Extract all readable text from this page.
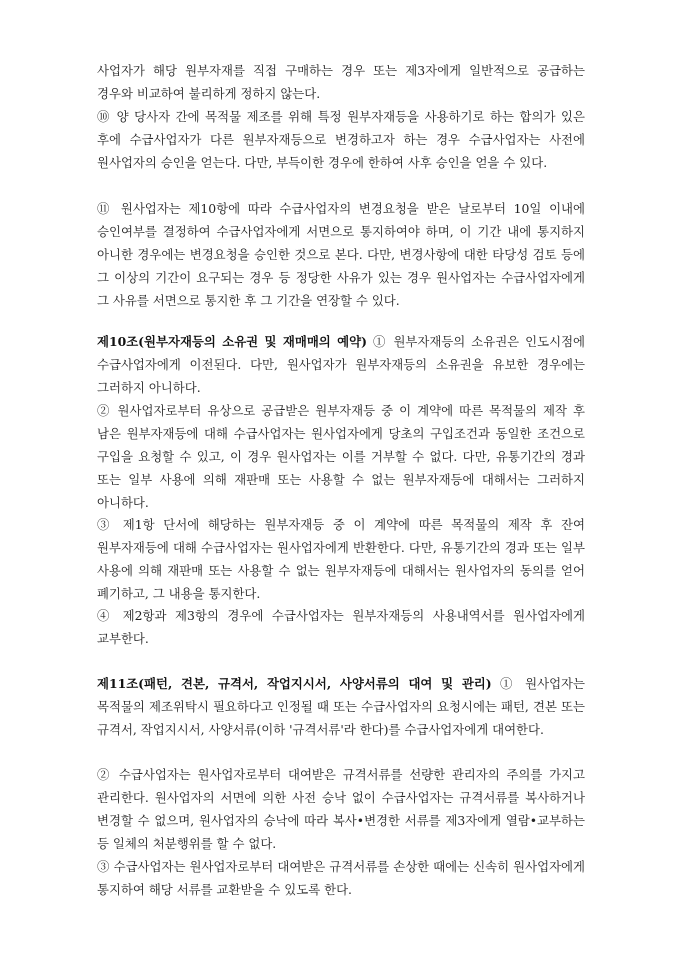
사업자가 해당 원부자재를 직접 구매하는 경우 또는 제3자에게 일반적으로 공급하는 경우와 비교하여 불리하게 정하지 않는다.

⑩ 양 당사자 간에 목적물 제조를 위해 특정 원부자재등을 사용하기로 하는 합의가 있은 후에 수급사업자가 다른 원부자재등으로 변경하고자 하는 경우 수급사업자는 사전에 원사업자의 승인을 얻는다. 다만, 부득이한 경우에 한하여 사후 승인을 얻을 수 있다.

⑪ 원사업자는 제10항에 따라 수급사업자의 변경요청을 받은 날로부터 10일 이내에 승인여부를 결정하여 수급사업자에게 서면으로 통지하여야 하며, 이 기간 내에 통지하지 아니한 경우에는 변경요청을 승인한 것으로 본다. 다만, 변경사항에 대한 타당성 검토 등에 그 이상의 기간이 요구되는 경우 등 정당한 사유가 있는 경우 원사업자는 수급사업자에게 그 사유를 서면으로 통지한 후 그 기간을 연장할 수 있다.

제10조(원부자재등의 소유권 및 재매매의 예약) ① 원부자재등의 소유권은 인도시점에 수급사업자에게 이전된다. 다만, 원사업자가 원부자재등의 소유권을 유보한 경우에는 그러하지 아니하다.

② 원사업자로부터 유상으로 공급받은 원부자재등 중 이 계약에 따른 목적물의 제작 후 남은 원부자재등에 대해 수급사업자는 원사업자에게 당초의 구입조건과 동일한 조건으로 구입을 요청할 수 있고, 이 경우 원사업자는 이를 거부할 수 없다. 다만, 유통기간의 경과 또는 일부 사용에 의해 재판매 또는 사용할 수 없는 원부자재등에 대해서는 그러하지 아니하다.

③ 제1항 단서에 해당하는 원부자재등 중 이 계약에 따른 목적물의 제작 후 잔여 원부자재등에 대해 수급사업자는 원사업자에게 반환한다. 다만, 유통기간의 경과 또는 일부 사용에 의해 재판매 또는 사용할 수 없는 원부자재등에 대해서는 원사업자의 동의를 얻어 폐기하고, 그 내용을 통지한다.

④ 제2항과 제3항의 경우에 수급사업자는 원부자재등의 사용내역서를 원사업자에게 교부한다.

제11조(패턴, 견본, 규격서, 작업지시서, 사양서류의 대여 및 관리) ① 원사업자는 목적물의 제조위탁시 필요하다고 인정될 때 또는 수급사업자의 요청시에는 패턴, 견본 또는 규격서, 작업지시서, 사양서류(이하 '규격서류'라 한다)를 수급사업자에게 대여한다.

② 수급사업자는 원사업자로부터 대여받은 규격서류를 선량한 관리자의 주의를 가지고 관리한다. 원사업자의 서면에 의한 사전 승낙 없이 수급사업자는 규격서류를 복사하거나 변경할 수 없으며, 원사업자의 승낙에 따라 복사•변경한 서류를 제3자에게 열람•교부하는 등 일체의 처분행위를 할 수 없다.

③ 수급사업자는 원사업자로부터 대여받은 규격서류를 손상한 때에는 신속히 원사업자에게 통지하여 해당 서류를 교환받을 수 있도록 한다.
